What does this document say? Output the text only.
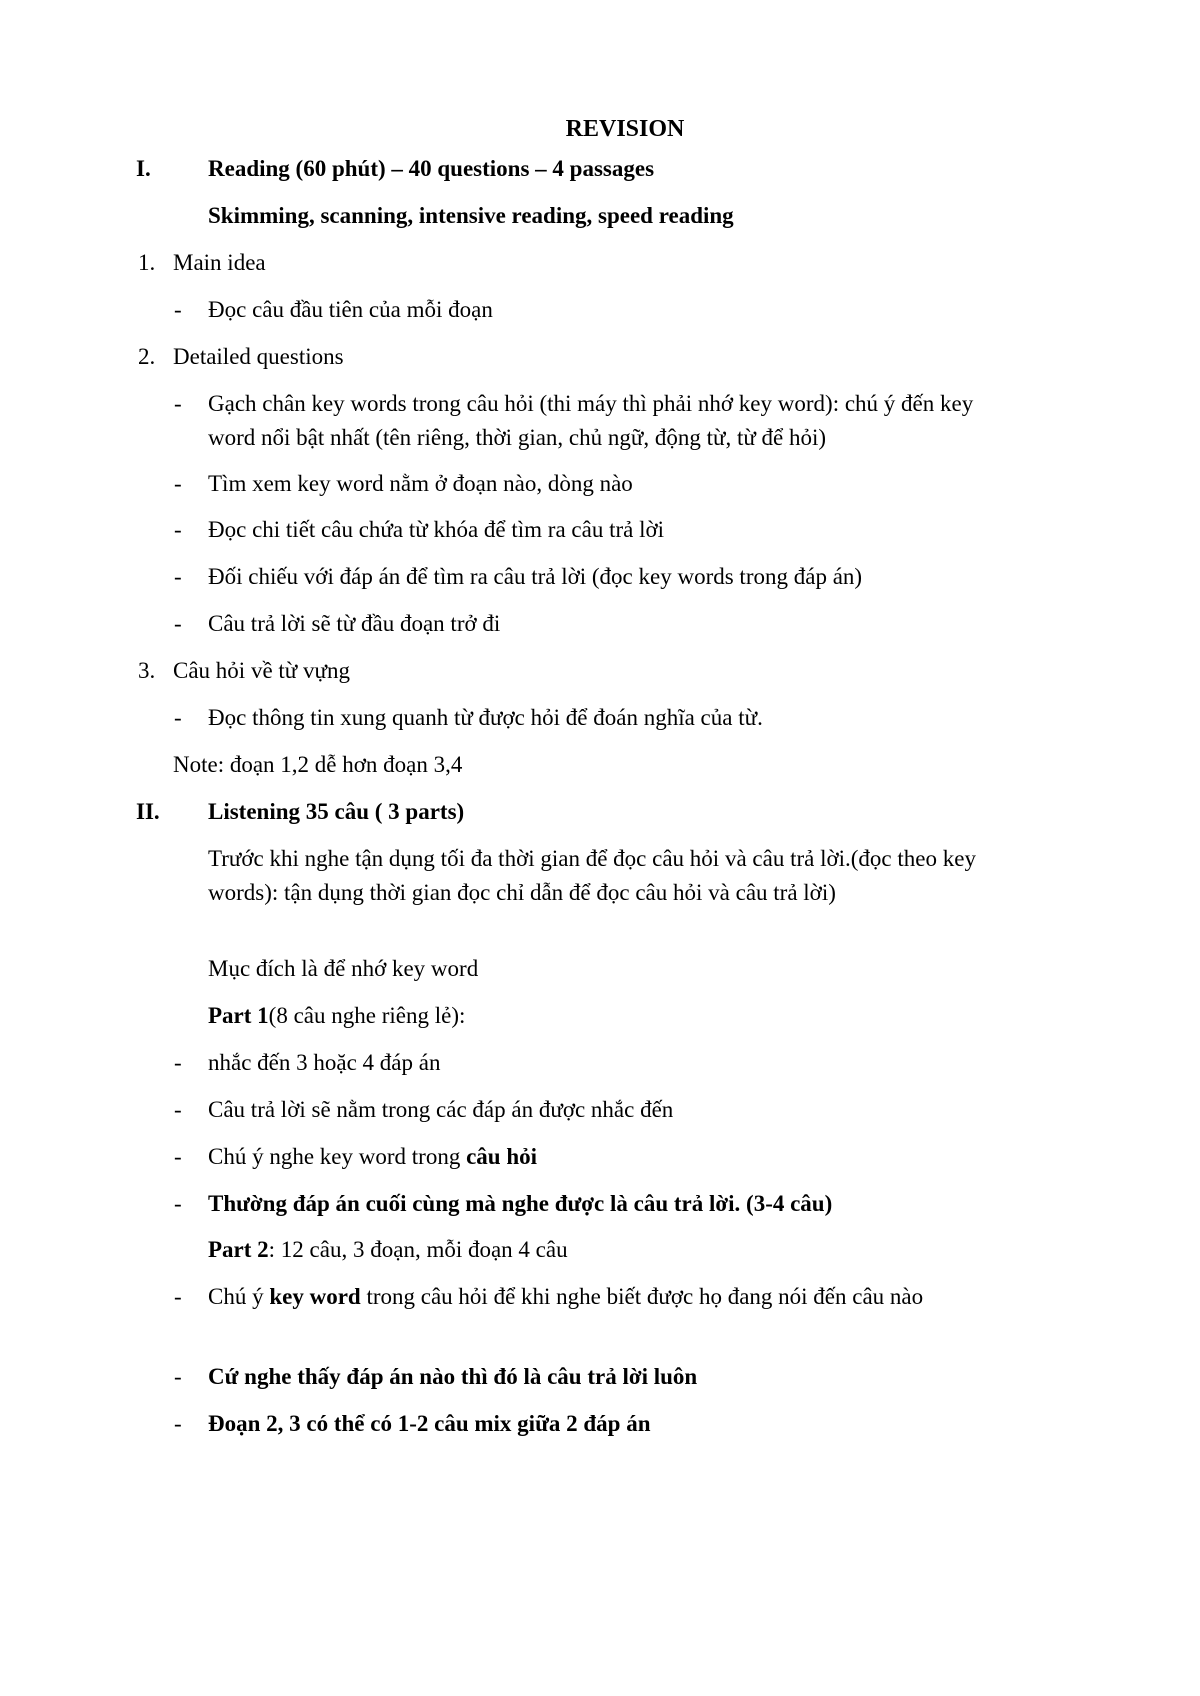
REVISION
I. Reading (60 phút) – 40 questions – 4 passages
Skimming, scanning, intensive reading, speed reading
1. Main idea
- Đọc câu đầu tiên của mỗi đoạn
2. Detailed questions
- Gạch chân key words trong câu hỏi (thi máy thì phải nhớ key word): chú ý đến key word nổi bật nhất (tên riêng, thời gian, chủ ngữ, động từ, từ để hỏi)
- Tìm xem key word nằm ở đoạn nào, dòng nào
- Đọc chi tiết câu chứa từ khóa để tìm ra câu trả lời
- Đối chiếu với đáp án để tìm ra câu trả lời (đọc key words trong đáp án)
- Câu trả lời sẽ từ đầu đoạn trở đi
3. Câu hỏi về từ vựng
- Đọc thông tin xung quanh từ được hỏi để đoán nghĩa của từ.
Note: đoạn 1,2 dễ hơn đoạn 3,4
II. Listening 35 câu ( 3 parts)
Trước khi nghe tận dụng tối đa thời gian để đọc câu hỏi và câu trả lời.(đọc theo key words): tận dụng thời gian đọc chỉ dẫn để đọc câu hỏi và câu trả lời)
Mục đích là để nhớ key word
Part 1(8 câu nghe riêng lẻ):
- nhắc đến 3 hoặc 4 đáp án
- Câu trả lời sẽ nằm trong các đáp án được nhắc đến
- Chú ý nghe key word trong câu hỏi
- Thường đáp án cuối cùng mà nghe được là câu trả lời. (3-4 câu)
Part 2: 12 câu, 3 đoạn, mỗi đoạn 4 câu
- Chú ý key word trong câu hỏi để khi nghe biết được họ đang nói đến câu nào
- Cứ nghe thấy đáp án nào thì đó là câu trả lời luôn
- Đoạn 2, 3 có thể có 1-2 câu mix giữa 2 đáp án
